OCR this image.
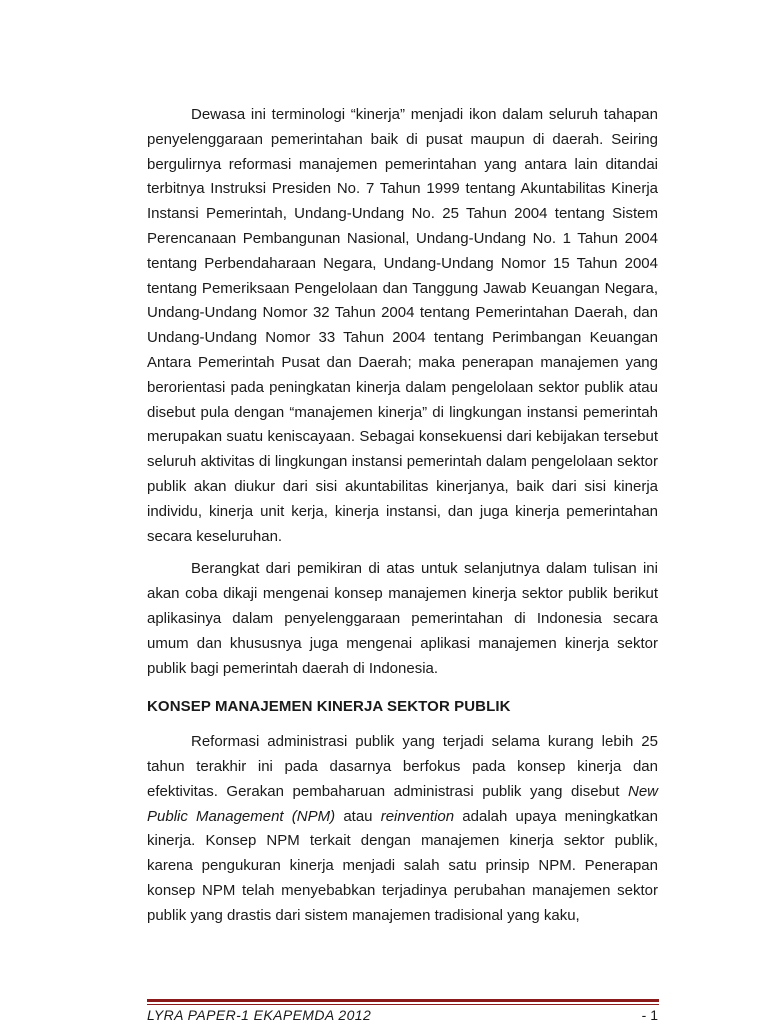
Dewasa ini terminologi “kinerja” menjadi ikon dalam seluruh tahapan penyelenggaraan pemerintahan baik di pusat maupun di daerah. Seiring bergulirnya reformasi manajemen pemerintahan yang antara lain ditandai terbitnya Instruksi Presiden No. 7 Tahun 1999 tentang Akuntabilitas Kinerja Instansi Pemerintah, Undang-Undang No. 25 Tahun 2004 tentang Sistem Perencanaan Pembangunan Nasional, Undang-Undang No. 1 Tahun 2004 tentang Perbendaharaan Negara, Undang-Undang Nomor 15 Tahun 2004 tentang Pemeriksaan Pengelolaan dan Tanggung Jawab Keuangan Negara, Undang-Undang Nomor 32 Tahun 2004 tentang Pemerintahan Daerah, dan Undang-Undang Nomor 33 Tahun 2004 tentang Perimbangan Keuangan Antara Pemerintah Pusat dan Daerah; maka penerapan manajemen yang berorientasi pada peningkatan kinerja dalam pengelolaan sektor publik atau disebut pula dengan “manajemen kinerja” di lingkungan instansi pemerintah merupakan suatu keniscayaan. Sebagai konsekuensi dari kebijakan tersebut seluruh aktivitas di lingkungan instansi pemerintah dalam pengelolaan sektor publik akan diukur dari sisi akuntabilitas kinerjanya, baik dari sisi kinerja individu, kinerja unit kerja, kinerja instansi, dan juga kinerja pemerintahan secara keseluruhan.

Berangkat dari pemikiran di atas untuk selanjutnya dalam tulisan ini akan coba dikaji mengenai konsep manajemen kinerja sektor publik berikut aplikasinya dalam penyelenggaraan pemerintahan di Indonesia secara umum dan khususnya juga mengenai aplikasi manajemen kinerja sektor publik bagi pemerintah daerah di Indonesia.

KONSEP MANAJEMEN KINERJA SEKTOR PUBLIK

Reformasi administrasi publik yang terjadi selama kurang lebih 25 tahun terakhir ini pada dasarnya berfokus pada konsep kinerja dan efektivitas. Gerakan pembaharuan administrasi publik yang disebut New Public Management (NPM) atau reinvention adalah upaya meningkatkan kinerja. Konsep NPM terkait dengan manajemen kinerja sektor publik, karena pengukuran kinerja menjadi salah satu prinsip NPM. Penerapan konsep NPM telah menyebabkan terjadinya perubahan manajemen sektor publik yang drastis dari sistem manajemen tradisional yang kaku,

LYRA PAPER-1 EKAPEMDA 2012	- 1
